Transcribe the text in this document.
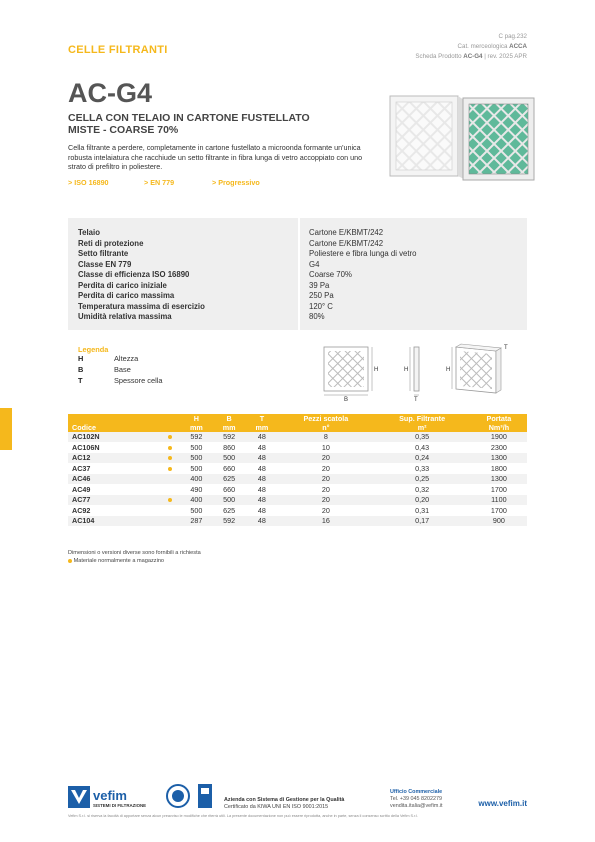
C pag.232
Cat. merceologica ACCA
Scheda Prodotto AC-G4 | rev. 2025 APR
CELLE FILTRANTI
AC-G4
CELLA CON TELAIO IN CARTONE FUSTELLATO
MISTE - COARSE 70%
Cella filtrante a perdere, completamente in cartone fustellato a microonda formante un'unica robusta intelaiatura che racchiude un setto filtrante in fibra lunga di vetro accoppiato con uno strato di prefiltro in poliestere.
> ISO 16890	> EN 779	> Progressivo
Telaio	Cartone E/KBMT/242
Reti di protezione	Cartone E/KBMT/242
Setto filtrante	Poliestere e fibra lunga di vetro
Classe EN 779	G4
Classe di efficienza ISO 16890	Coarse 70%
Perdita di carico iniziale	39 Pa
Perdita di carico massima	250 Pa
Temperatura massima di esercizio	120° C
Umidità relativa massima	80%
Legenda
H	Altezza
B	Base
T	Spessore cella
B
H	H
T
H
T
		H	B	T	Pezzi scatola	Sup. Filtrante	Portata
Codice		mm	mm	mm	n°	m²	Nm³/h
AC102N		592	592	48	8	0,35	1900
AC106N		500	860	48	10	0,43	2300
AC12		500	500	48	20	0,24	1300
AC37		500	660	48	20	0,33	1800
AC46		400	625	48	20	0,25	1300
AC49		490	660	48	20	0,32	1700
AC77		400	500	48	20	0,20	1100
AC92		500	625	48	20	0,31	1700
AC104		287	592	48	16	0,17	900
Dimensioni o versioni diverse sono fornibili a richiesta
Materiale normalmente a magazzino
vefim
SISTEMI DI FILTRAZIONE
Azienda con Sistema di Gestione per la Qualità
Certificato da KIWA UNI EN ISO 9001:2015
Ufficio Commerciale
Tel. +39 045 8202279
vendita.italia@vefim.it	www.vefim.it
Vefim S.r.l. si riserva la facoltà di apportare senza alcun preavviso le modifiche che riterrà utili. La presente documentazione non può essere riprodotta, anche in parte, senza il consenso scritto della Vefim S.r.l.
